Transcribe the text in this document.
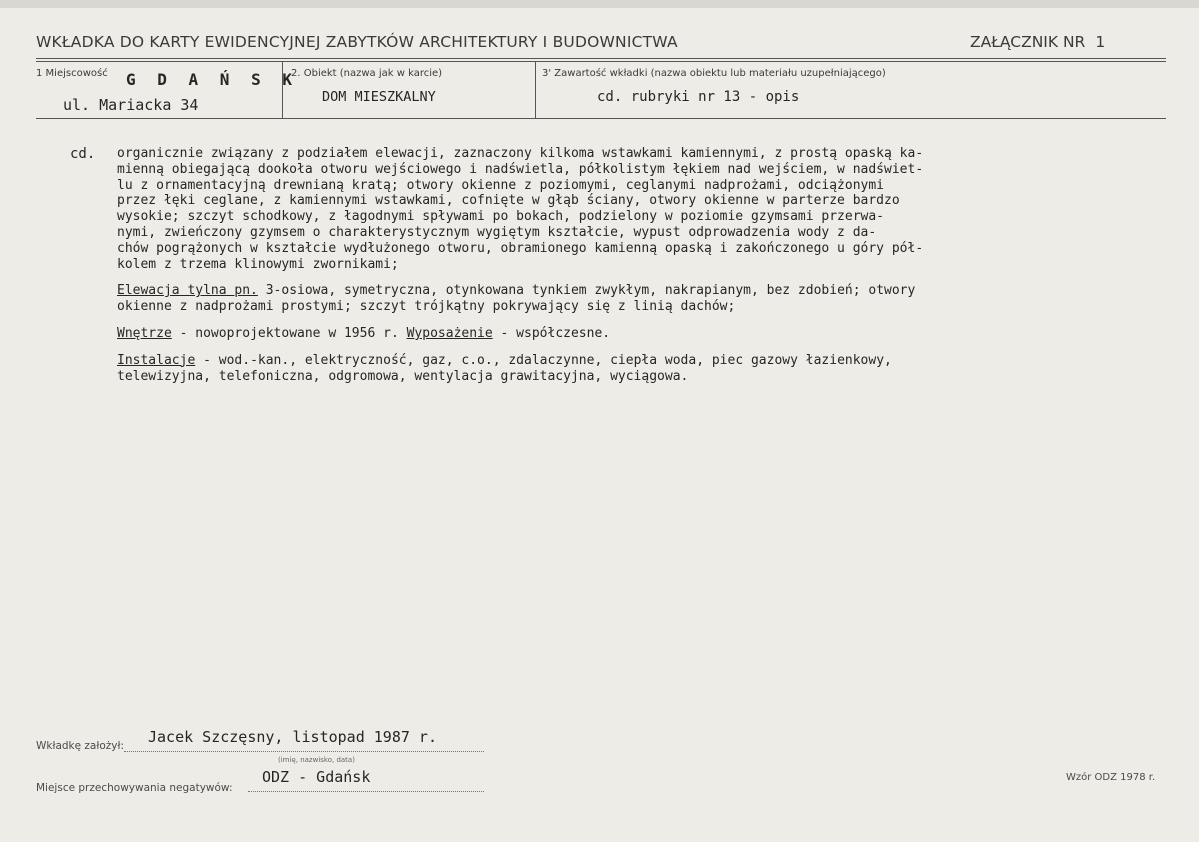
WKŁADKA DO KARTY EWIDENCYJNEJ ZABYTKÓW ARCHITEKTURY I BUDOWNICTWA	ZAŁĄCZNIK NR 1
1 Miejscowość G D A Ń S K
ul. Mariacka 34
2. Obiekt (nazwa jak w karcie)
DOM MIESZKALNY
3' Zawartość wkładki (nazwa obiektu lub materiału uzupełniającego)
cd. rubryki nr 13 - opis
cd. organicznie związany z podziałem elewacji, zaznaczony kilkoma wstawkami kamiennymi, z prostą opaską ka-
mienną obiegającą dookoła otworu wejściowego i nadświetla, półkolistym łękiem nad wejściem, w nadświet-
lu z ornamentacyjną drewnianą kratą; otwory okienne z poziomymi, ceglanymi nadprożami, odciążonymi
przez łęki ceglane, z kamiennymi wstawkami, cofnięte w głąb ściany, otwory okienne w parterze bardzo
wysokie; szczyt schodkowy, z łagodnymi spływami po bokach, podzielony w poziomie gzymsami przerwa-
nymi, zwieńczony gzymsem o charakterystycznym wygiętym kształcie, wypust odprowadzenia wody z da-
chów pogrążonych w kształcie wydłużonego otworu, obramionego kamienną opaską i zakończonego u góry pół-
kolem z trzema klinowymi zwornikami;

Elewacja tylna pn. 3-osiowa, symetryczna, otynkowana tynkiem zwykłym, nakrapianym, bez zdobień; otwory
okienne z nadprożami prostymi; szczyt trójkątny pokrywający się z linią dachów;

Wnętrze - nowoprojektowane w 1956 r. Wyposażenie - współczesne.

Instalacje - wod.-kan., elektryczność, gaz, c.o., zdalaczynne, ciepła woda, piec gazowy łazienkowy,
telewizyjna, telefoniczna, odgromowa, wentylacja grawitacyjna, wyciągowa.

Wkładkę założył: Jacek Szczęsny, listopad 1987 r.
(imię, nazwisko, data)
Miejsce przechowywania negatywów:
ODZ - Gdańsk	Wzór ODZ 1978 r.
